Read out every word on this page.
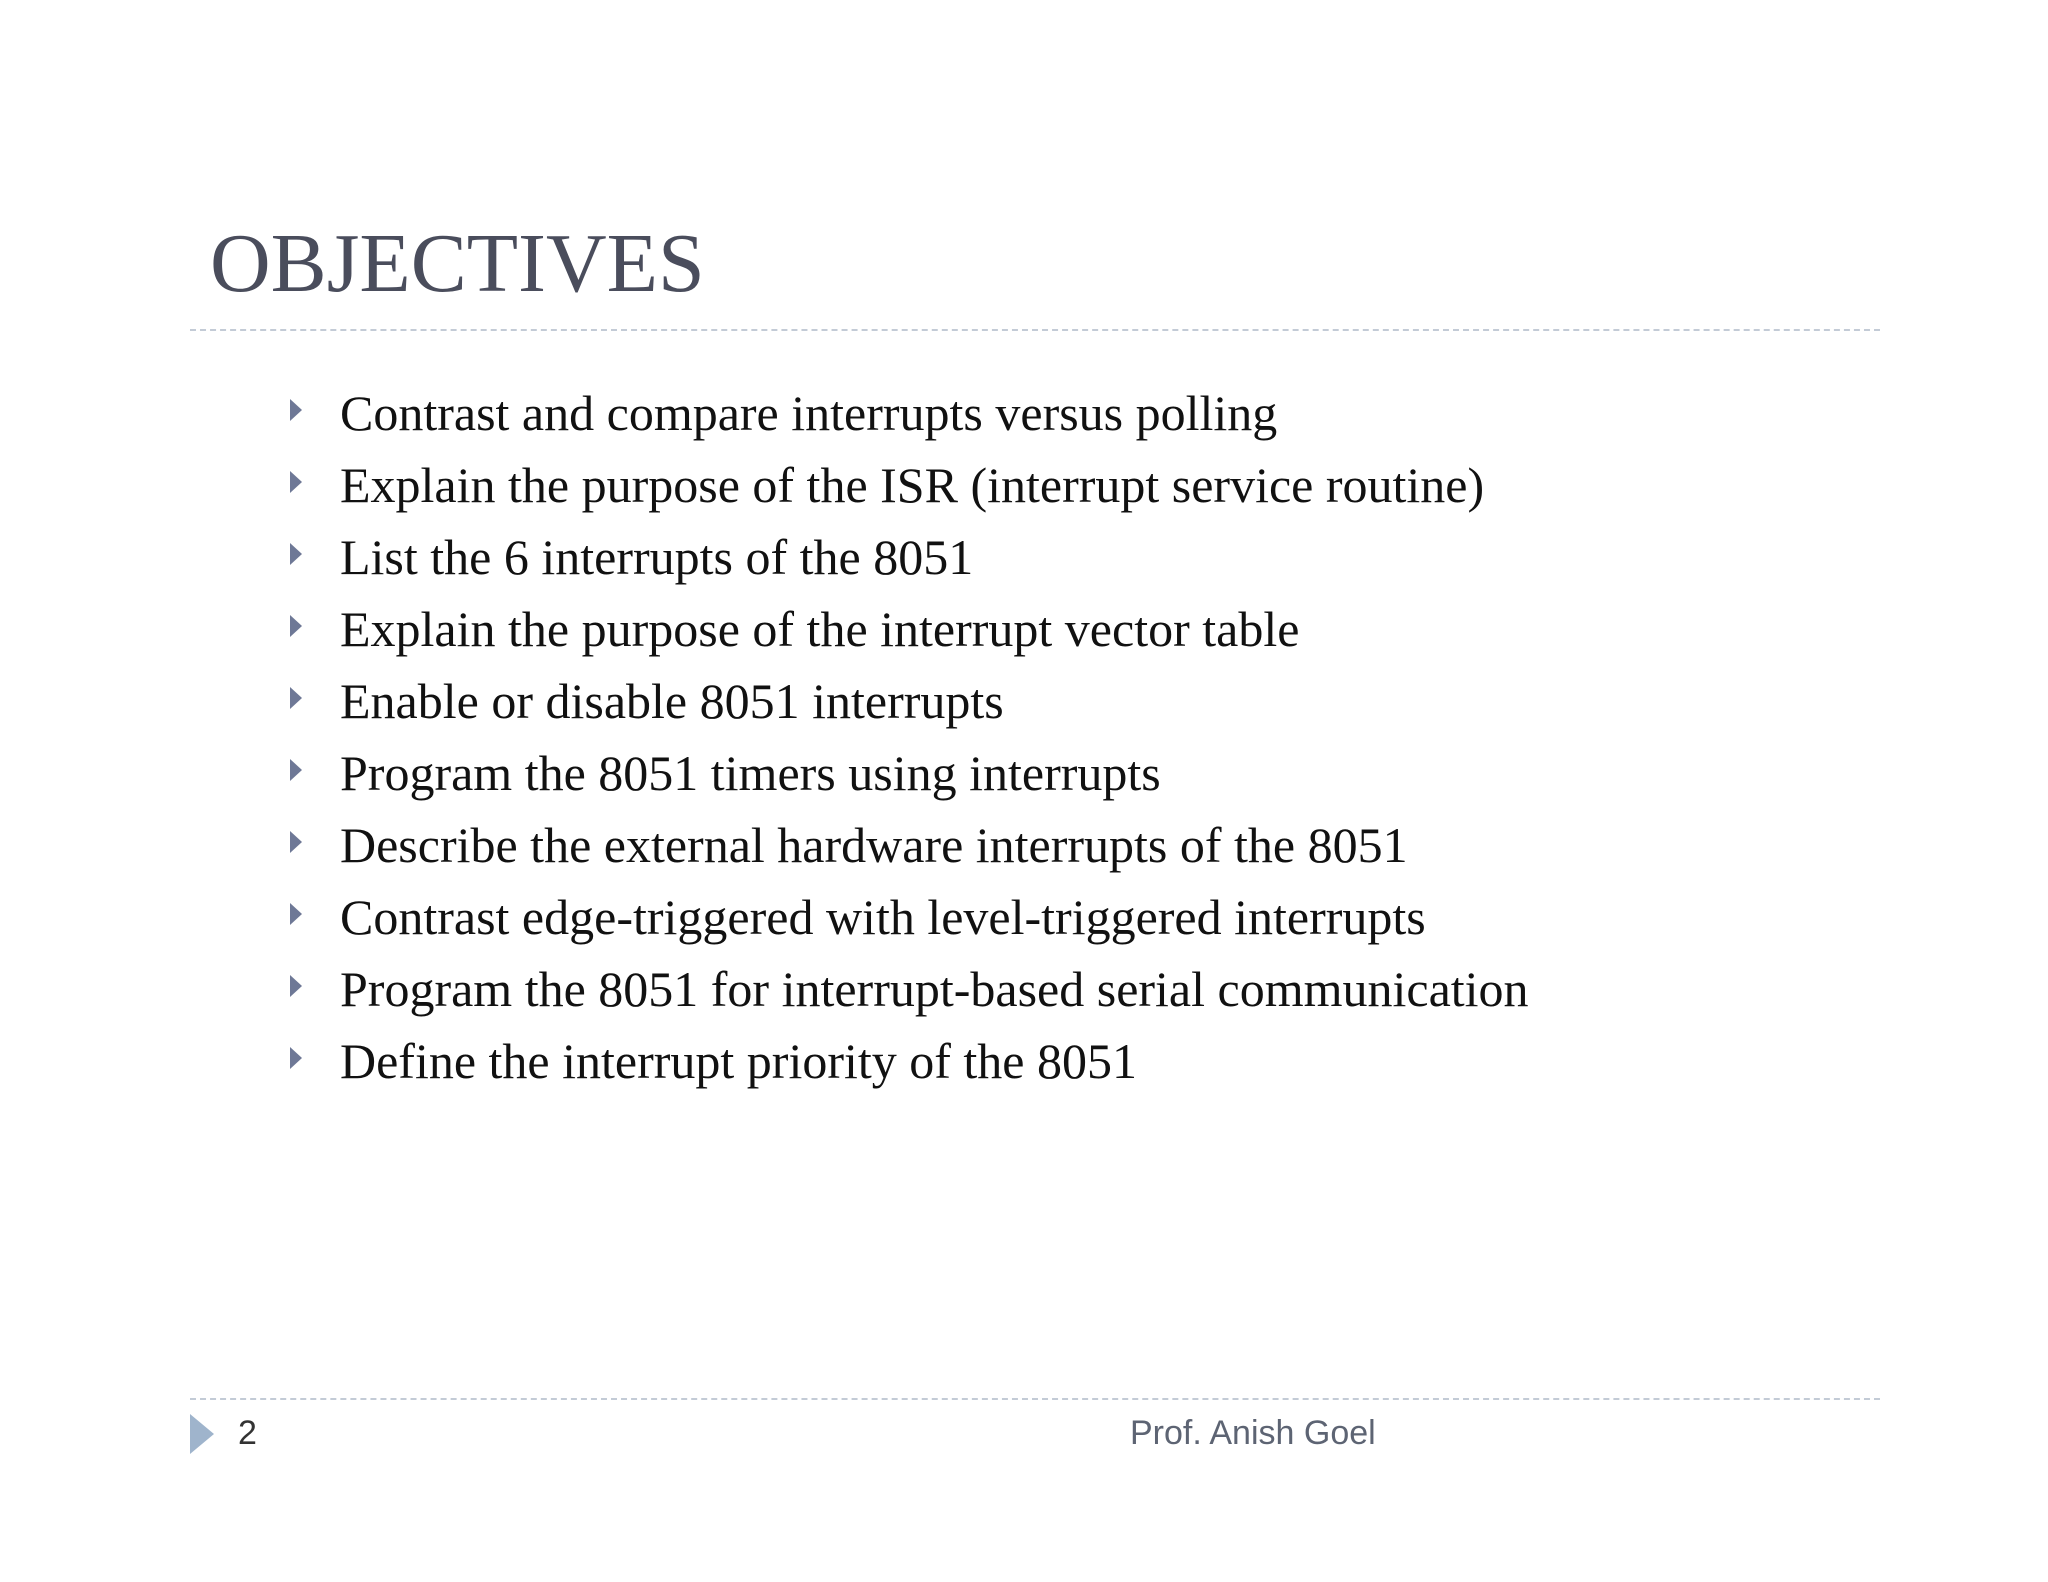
OBJECTIVES
Contrast and compare interrupts versus polling
Explain the purpose of the ISR (interrupt service routine)
List the 6 interrupts of the 8051
Explain the purpose of the interrupt vector table
Enable or disable 8051 interrupts
Program the 8051 timers using interrupts
Describe the external hardware interrupts of the 8051
Contrast edge-triggered with level-triggered interrupts
Program the 8051 for interrupt-based serial communication
Define the interrupt priority of the 8051
2	Prof. Anish Goel
